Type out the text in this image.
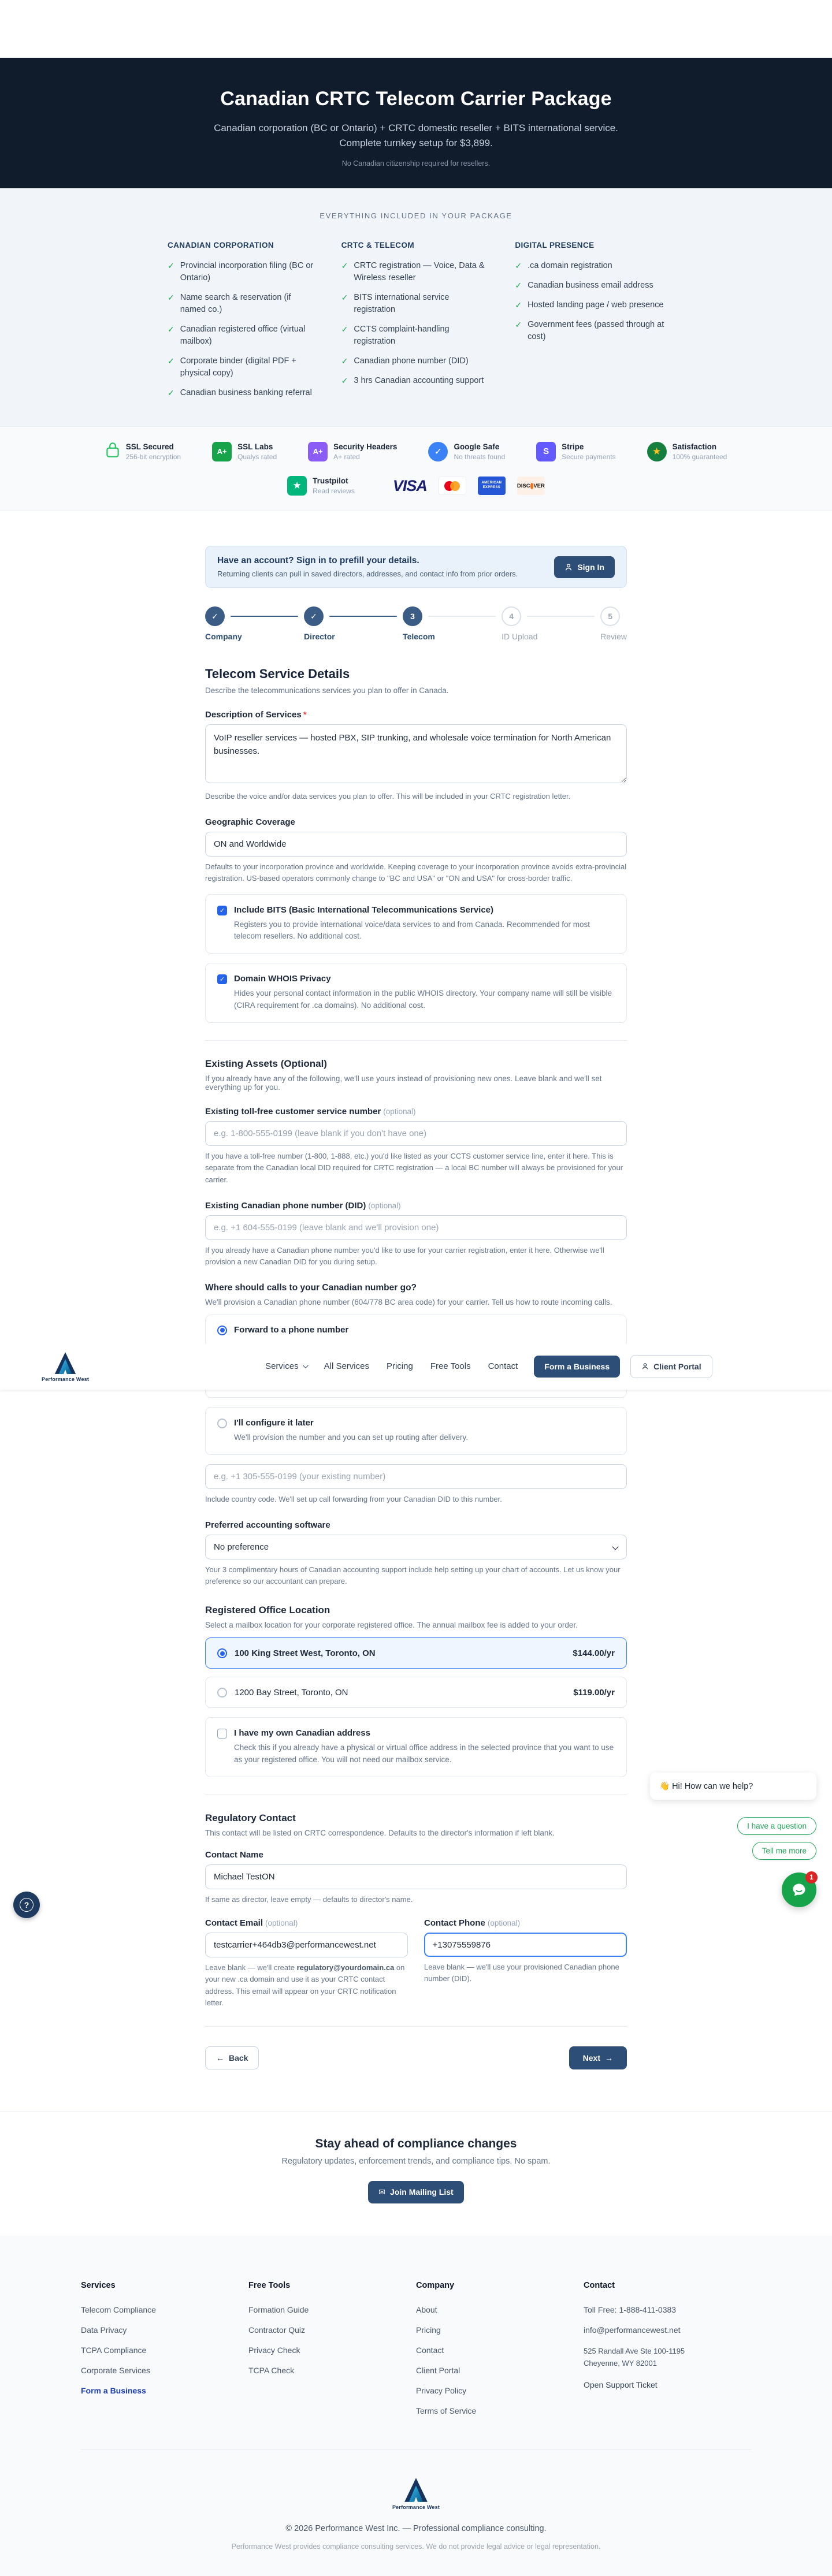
Canadian CRTC Telecom Carrier Package
Canadian corporation (BC or Ontario) + CRTC domestic reseller + BITS international service. Complete turnkey setup for $3,899.
No Canadian citizenship required for resellers.
EVERYTHING INCLUDED IN YOUR PACKAGE
CANADIAN CORPORATION
✓ Provincial incorporation filing (BC or Ontario)
✓ Name search & reservation (if named co.)
✓ Canadian registered office (virtual mailbox)
✓ Corporate binder (digital PDF + physical copy)
✓ Canadian business banking referral
CRTC & TELECOM
✓ CRTC registration — Voice, Data & Wireless reseller
✓ BITS international service registration
✓ CCTS complaint-handling registration
✓ Canadian phone number (DID)
✓ 3 hrs Canadian accounting support
DIGITAL PRESENCE
✓ .ca domain registration
✓ Canadian business email address
✓ Hosted landing page / web presence
✓ Government fees (passed through at cost)
SSL Secured
256-bit encryption
A+
SSL Labs
Qualys rated
A+
Security Headers
A+ rated	✓
Google Safe
No threats found
S	Stripe
Secure payments	★	Satisfaction
100% guaranteed
★ Trustpilot
Read reviews VISA	AMERICAN
EXPRESS	DISC VER
Have an account? Sign in to prefill your details.
Returning clients can pull in saved directors, addresses, and contact info from prior orders.
Sign In
✓
Company
✓
Director
3
Telecom
4
ID Upload
5
Review
Telecom Service Details
Describe the telecommunications services you plan to offer in Canada.
Description of Services *
VoIP reseller services — hosted PBX, SIP trunking, and wholesale voice termination for North American businesses.
Describe the voice and/or data services you plan to offer. This will be included in your CRTC registration letter.
Geographic Coverage
ON and Worldwide
Defaults to your incorporation province and worldwide. Keeping coverage to your incorporation province avoids extra-provincial registration. US-based operators commonly change to "BC and USA" or "ON and USA" for cross-border traffic.
✓ Include BITS (Basic International Telecommunications Service)
Registers you to provide international voice/data services to and from Canada. Recommended for most telecom resellers. No additional cost.
✓ Domain WHOIS Privacy
Hides your personal contact information in the public WHOIS directory. Your company name will still be visible (CIRA requirement for .ca domains). No additional cost.
Existing Assets (Optional)
If you already have any of the following, we'll use yours instead of provisioning new ones. Leave blank and we'll set everything up for you.
Existing toll-free customer service number (optional)
e.g. 1-800-555-0199 (leave blank if you don't have one)
If you have a toll-free number (1-800, 1-888, etc.) you'd like listed as your CCTS customer service line, enter it here. This is separate from the Canadian local DID required for CRTC registration — a local BC number will always be provisioned for your carrier.
Existing Canadian phone number (DID) (optional)
e.g. +1 604-555-0199 (leave blank and we'll provision one)
If you already have a Canadian phone number you'd like to use for your carrier registration, enter it here. Otherwise we'll provision a new Canadian DID for you during setup.
Where should calls to your Canadian number go?
We'll provision a Canadian phone number (604/778 BC area code) for your carrier. Tell us how to route incoming calls.
Forward to a phone number
Performance West
Services	All Services Pricing Free Tools Contact	Form a Business	Client Portal
I'll configure it later
We'll provision the number and you can set up routing after delivery.
e.g. +1 305-555-0199 (your existing number)
Include country code. We'll set up call forwarding from your Canadian DID to this number.
Preferred accounting software
No preference
Your 3 complimentary hours of Canadian accounting support include help setting up your chart of accounts. Let us know your preference so our accountant can prepare.
Registered Office Location
Select a mailbox location for your corporate registered office. The annual mailbox fee is added to your order.
100 King Street West, Toronto, ON	$144.00/yr
1200 Bay Street, Toronto, ON	$119.00/yr
I have my own Canadian address
Check this if you already have a physical or virtual office address in the selected province that you want to use as your registered office. You will not need our mailbox service.
Regulatory Contact
This contact will be listed on CRTC correspondence. Defaults to the director's information if left blank.
Contact Name
Michael TestON
If same as director, leave empty — defaults to director's name.
Contact Email (optional)
testcarrier+464db3@performancewest.net
Leave blank — we'll create regulatory@yourdomain.ca on your new .ca domain and use it as your CRTC contact address. This email will appear on your CRTC notification letter.
Contact Phone (optional)
+13075559876
Leave blank — we'll use your provisioned Canadian phone number (DID).
👋 Hi! How can we help?
I have a question
Tell me more
1
?
← Back	Next →
Stay ahead of compliance changes

Regulatory updates, enforcement trends, and compliance tips. No spam.

✉ Join Mailing List
Services
Telecom Compliance
Data Privacy
TCPA Compliance
Corporate Services
Form a Business
Free Tools
Formation Guide
Contractor Quiz
Privacy Check
TCPA Check
Company
About
Pricing
Contact
Client Portal
Privacy Policy
Terms of Service
Contact
Toll Free: 1-888-411-0383
info@performancewest.net
525 Randall Ave Ste 100-1195
Cheyenne, WY 82001
Open Support Ticket
Performance West
© 2026 Performance West Inc. — Professional compliance consulting.
Performance West provides compliance consulting services. We do not provide legal advice or legal representation.
